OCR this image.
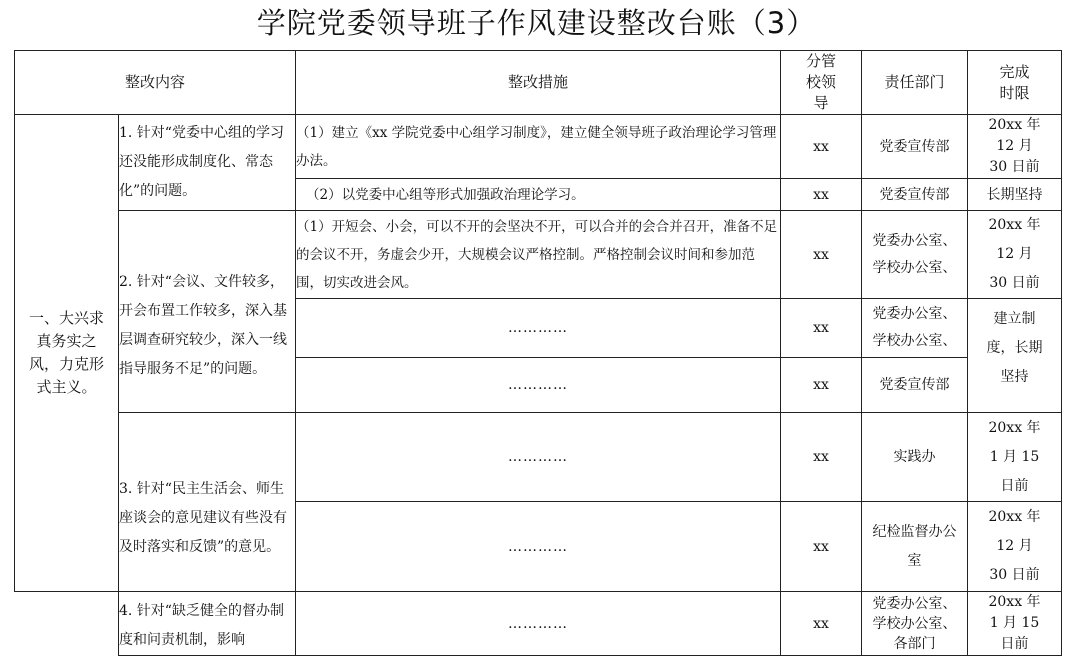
学院党委领导班子作风建设整改台账（3）
整改内容		整改措施	分管校领导	责任部门	完成时限

一、大兴求真务实之风，力克形式主义。	1. 针对“党委中心组的学习还没能形成制度化、常态化”的问题。	（1）建立《xx 学院党委中心组学习制度》，建立健全领导班子政治理论学习管理办法。	xx	党委宣传部	20xx 年 12 月 30 日前

		（2）以党委中心组等形式加强政治理论学习。	xx	党委宣传部	长期坚持
	2. 针对“会议、文件较多，开会布置工作较多，深入基层调查研究较少，深入一线指导服务不足”的问题。	（1）开短会、小会，可以不开的会坚决不开，可以合并的会合并召开，准备不足的会议不开，务虚会少开，大规模会议严格控制。严格控制会议时间和参加范围，切实改进会风。	xx	党委办公室、学校办公室、	20xx 年 12 月 30 日前

		…………	xx	党委办公室、学校办公室、	建立制度，长期坚持

		…………	xx	党委宣传部	
	3. 针对“民主生活会、师生座谈会的意见建议有些没有及时落实和反馈”的意见。	…………	xx	实践办	20xx 年 1 月 15 日前

		…………	xx	纪检监督办公室	20xx 年 12 月 30 日前

	4. 针对“缺乏健全的督办制度和问责机制，影响	…………	xx	党委办公室、学校办公室、各部门	20xx 年 1 月 15 日前
